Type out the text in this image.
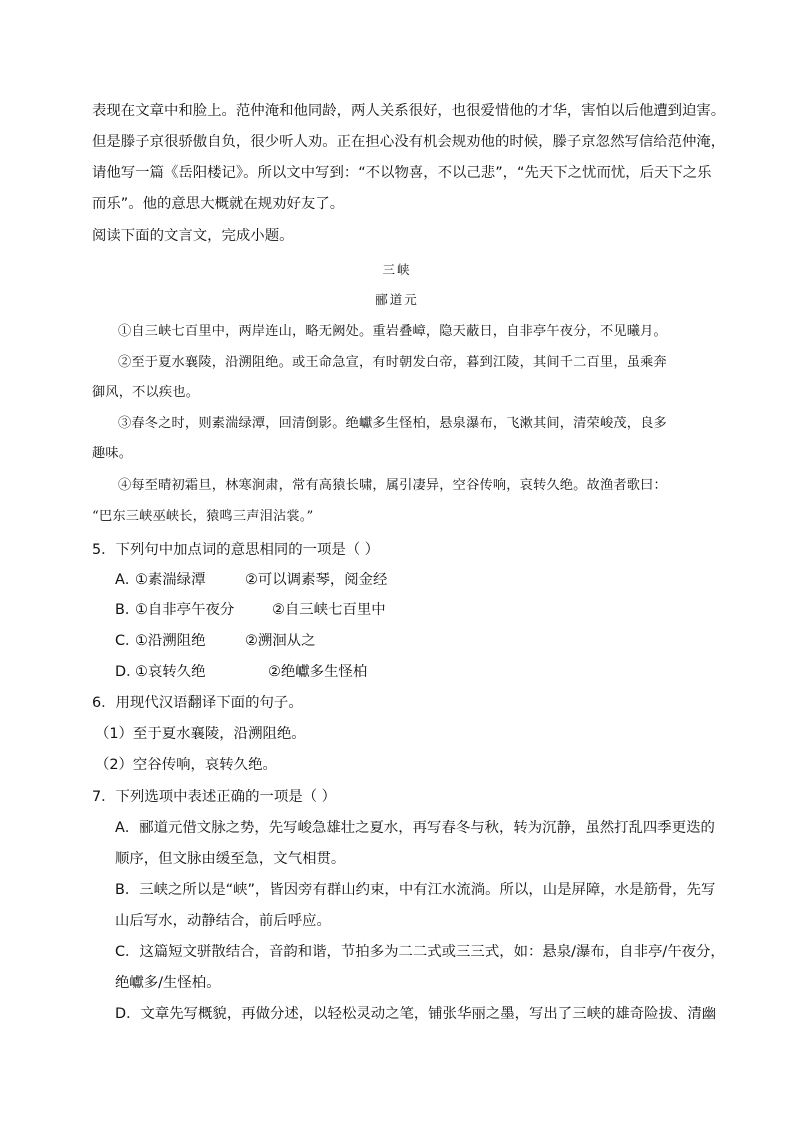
表现在文章中和脸上。范仲淹和他同龄，两人关系很好，也很爱惜他的才华，害怕以后他遭到迫害。
但是滕子京很骄傲自负，很少听人劝。正在担心没有机会规劝他的时候，滕子京忽然写信给范仲淹，
请他写一篇《岳阳楼记》。所以文中写到：“不以物喜，不以己悲”，“先天下之忧而忧，后天下之乐
而乐”。他的意思大概就在规劝好友了。
阅读下面的文言文，完成小题。
三峡
郦道元
①自三峡七百里中，两岸连山，略无阙处。重岩叠嶂，隐天蔽日，自非亭午夜分，不见曦月。
②至于夏水襄陵，沿溯阻绝。或王命急宣，有时朝发白帝，暮到江陵，其间千二百里，虽乘奔
御风，不以疾也。
③春冬之时，则素湍绿潭，回清倒影。绝巘多生怪柏，悬泉瀑布，飞漱其间，清荣峻茂，良多
趣味。
④每至晴初霜旦，林寒涧肃，常有高猿长啸，属引凄异，空谷传响，哀转久绝。故渔者歌曰：
“巴东三峡巫峡长，猿鸣三声泪沾裳。”
5．下列句中加点词的意思相同的一项是（ ）
A．
①素湍绿潭	②可以调素琴，阅金经
B．
①自非亭午夜分	②自三峡七百里中
C．
①沿溯阻绝	②溯洄从之
D．
①哀转久绝	②绝巘多生怪柏
6．用现代汉语翻译下面的句子。
（1）至于夏水襄陵，沿溯阻绝。
（2）空谷传响，哀转久绝。
7．下列选项中表述正确的一项是（ ）
A．郦道元借文脉之势，先写峻急雄壮之夏水，再写春冬与秋，转为沉静，虽然打乱四季更迭的
顺序，但文脉由缓至急，文气相贯。
B．三峡之所以是“峡”，皆因旁有群山约束，中有江水流淌。所以，山是屏障，水是筋骨，先写
山后写水，动静结合，前后呼应。
C．这篇短文骈散结合，音韵和谐，节拍多为二二式或三三式，如：悬泉/瀑布，自非亭/午夜分，
绝巘多/生怪柏。
D．文章先写概貌，再做分述，以轻松灵动之笔，铺张华丽之墨，写出了三峡的雄奇险拔、清幽
